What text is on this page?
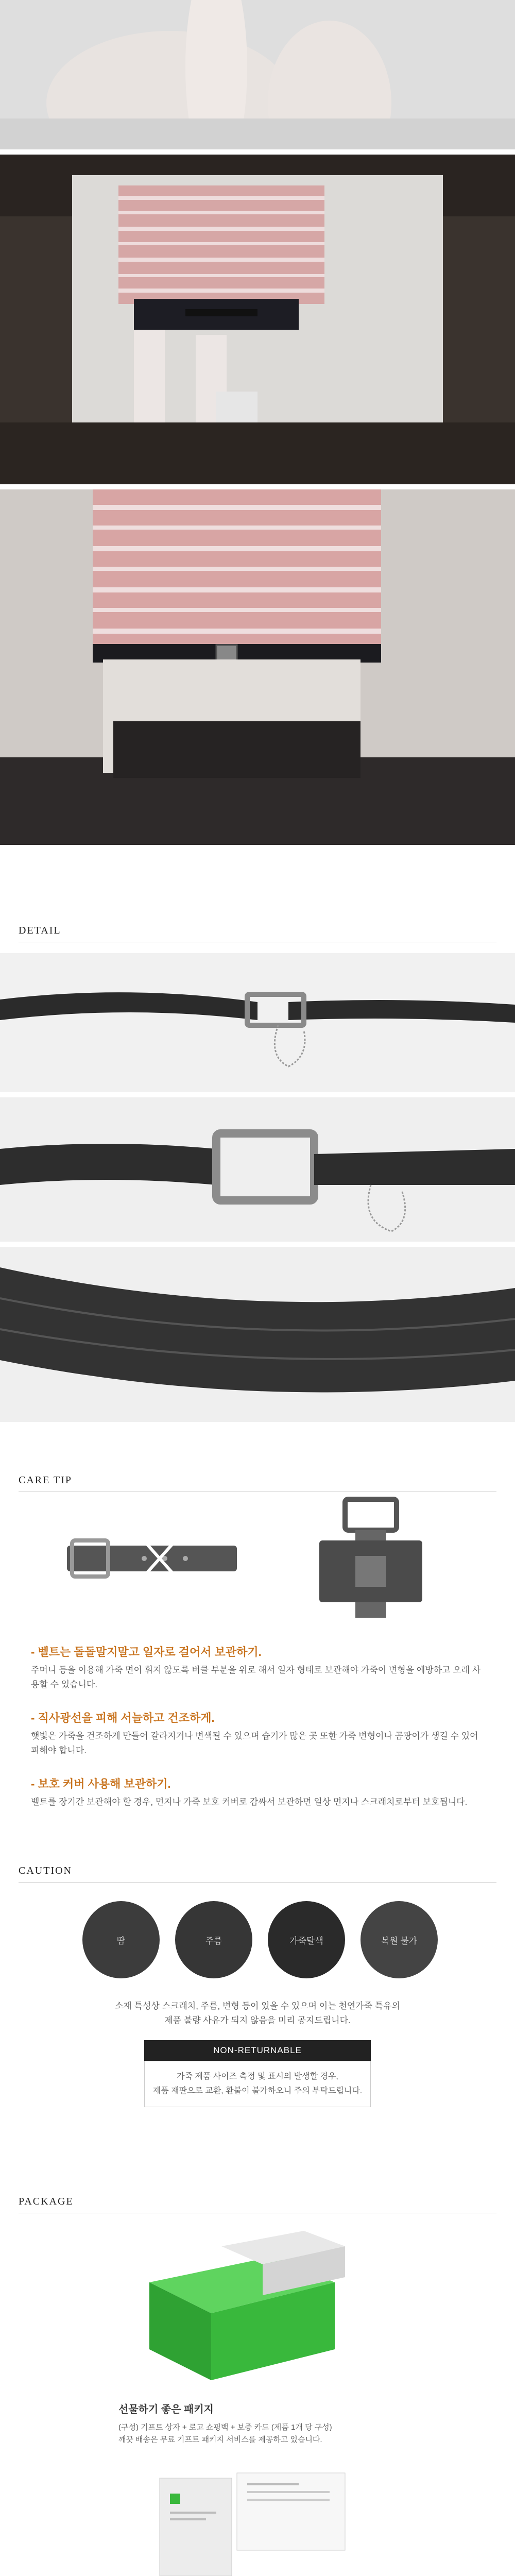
DETAIL
CARE TIP
- 벨트는 돌돌말지말고 일자로 걸어서 보관하기.
주머니 등을 이용해 가죽 면이 휘지 않도록 버클 부분을 위로 해서 일자 형태로 보관해야 가죽이 변형을 예방하고 오래 사용할 수 있습니다.
- 직사광선을 피해 서늘하고 건조하게.
햇빛은 가죽을 건조하게 만들어 갈라지거나 변색될 수 있으며 습기가 많은 곳 또한 가죽 변형이나 곰팡이가 생길 수 있어 피해야 합니다.
- 보호 커버 사용해 보관하기.
벨트를 장기간 보관해야 할 경우, 먼지나 가죽 보호 커버로 감싸서 보관하면 일상 먼지나 스크래치로부터 보호됩니다.
CAUTION
땀	주름	가죽탈색	복원 불가
소재 특성상 스크래치, 주름, 변형 등이 있을 수 있으며 이는 천연가죽 특유의
제품 불량 사유가 되지 않음을 미리 공지드립니다.
NON-RETURNABLE
가죽 제품 사이즈 측정 및 표시의 발생할 경우,
제품 재판으로 교환, 환불이 불가하오니 주의 부탁드립니다.
PACKAGE
선물하기 좋은 패키지
(구성) 기프트 상자 + 로고 쇼핑백 + 보증 카드 (제품 1개 당 구성)
깨끗 배송은 무료 기프트 패키지 서비스를 제공하고 있습니다.
